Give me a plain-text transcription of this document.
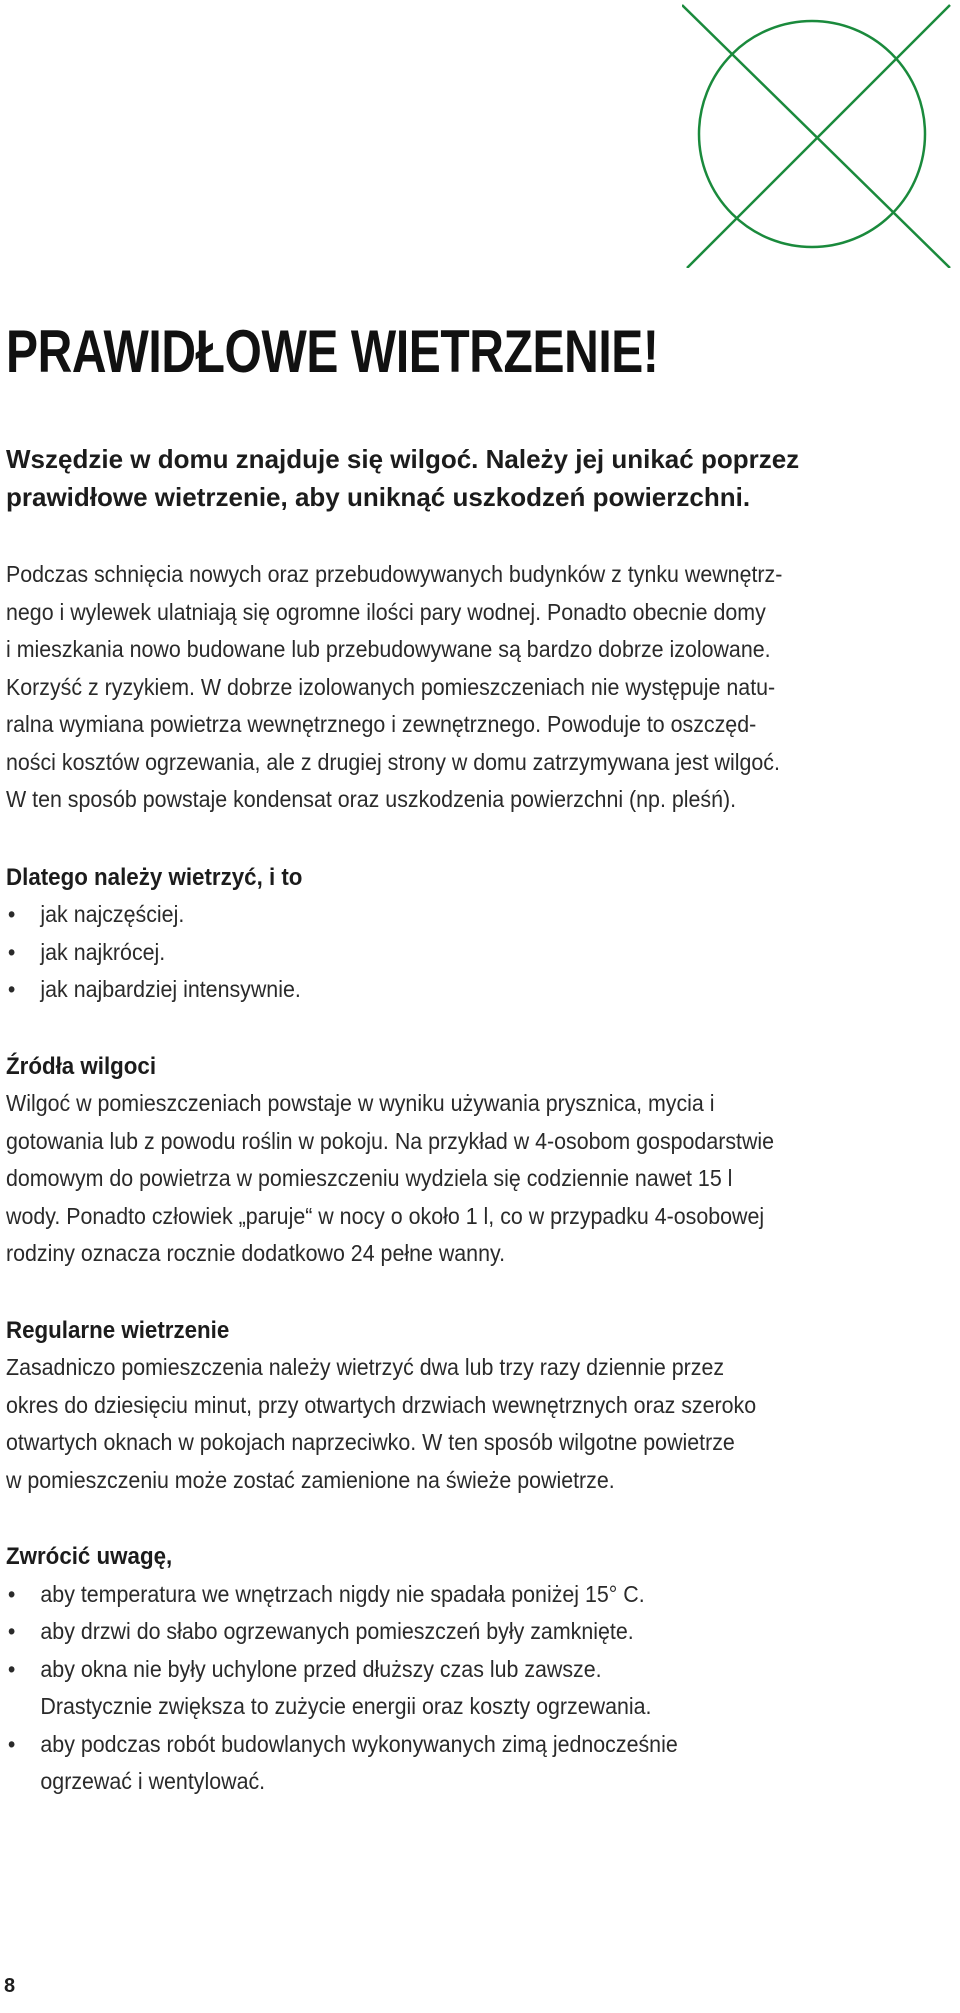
PRAWIDŁOWE WIETRZENIE!

Wszędzie w domu znajduje się wilgoć. Należy jej unikać poprzez
prawidłowe wietrzenie, aby uniknąć uszkodzeń powierzchni.

Podczas schnięcia nowych oraz przebudowywanych budynków z tynku wewnętrz-
nego i wylewek ulatniają się ogromne ilości pary wodnej. Ponadto obecnie domy
i mieszkania nowo budowane lub przebudowywane są bardzo dobrze izolowane.
Korzyść z ryzykiem. W dobrze izolowanych pomieszczeniach nie występuje natu-
ralna wymiana powietrza wewnętrznego i zewnętrznego. Powoduje to oszczęd-
ności kosztów ogrzewania, ale z drugiej strony w domu zatrzymywana jest wilgoć.
W ten sposób powstaje kondensat oraz uszkodzenia powierzchni (np. pleśń).

Dlatego należy wietrzyć, i to
• jak najczęściej.
• jak najkrócej.
• jak najbardziej intensywnie.
Źródła wilgoci

Wilgoć w pomieszczeniach powstaje w wyniku używania prysznica, mycia i
gotowania lub z powodu roślin w pokoju. Na przykład w 4-osobom gospodarstwie
domowym do powietrza w pomieszczeniu wydziela się codziennie nawet 15 l
wody. Ponadto człowiek „paruje“ w nocy o około 1 l, co w przypadku 4-osobowej
rodziny oznacza rocznie dodatkowo 24 pełne wanny.

Regularne wietrzenie

Zasadniczo pomieszczenia należy wietrzyć dwa lub trzy razy dziennie przez
okres do dziesięciu minut, przy otwartych drzwiach wewnętrznych oraz szeroko
otwartych oknach w pokojach naprzeciwko. W ten sposób wilgotne powietrze
w pomieszczeniu może zostać zamienione na świeże powietrze.

Zwrócić uwagę,
• aby temperatura we wnętrzach nigdy nie spadała poniżej 15° C.
• aby drzwi do słabo ogrzewanych pomieszczeń były zamknięte.
• aby okna nie były uchylone przed dłuższy czas lub zawsze.
Drastycznie zwiększa to zużycie energii oraz koszty ogrzewania.
• aby podczas robót budowlanych wykonywanych zimą jednocześnie
ogrzewać i wentylować.
8
